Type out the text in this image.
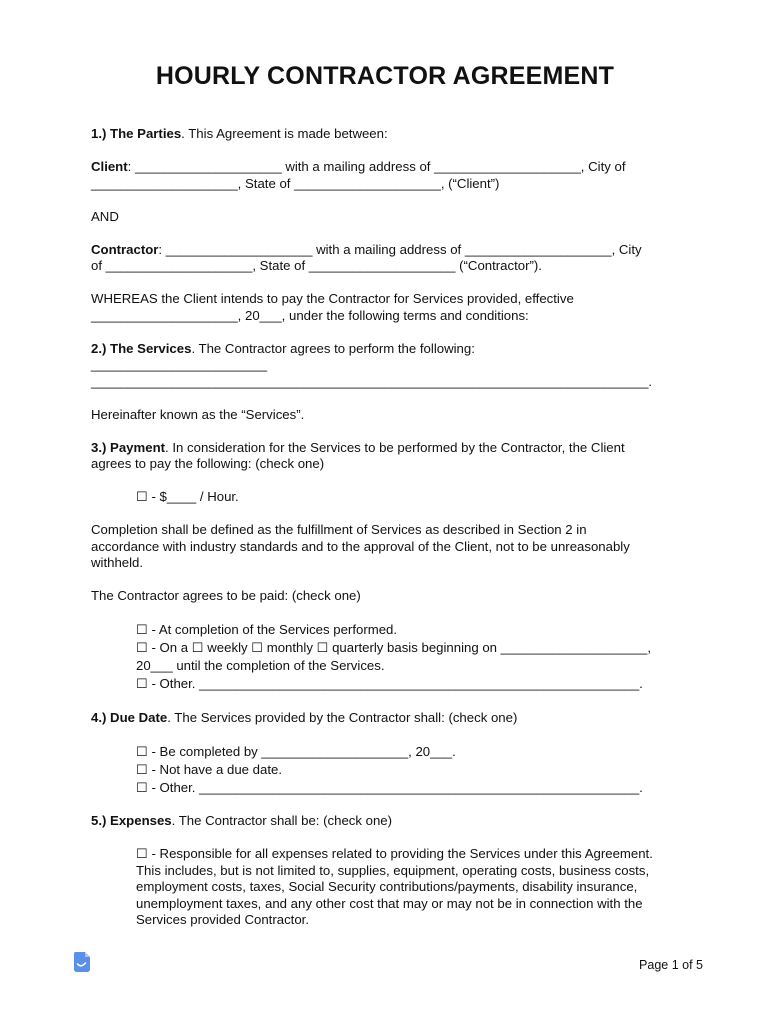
HOURLY CONTRACTOR AGREEMENT
1.) The Parties. This Agreement is made between:
Client: ____________________ with a mailing address of ____________________, City of
____________________, State of ____________________, (“Client”)
AND
Contractor: ____________________ with a mailing address of ____________________, City
of ____________________, State of ____________________ (“Contractor”).
WHEREAS the Client intends to pay the Contractor for Services provided, effective
____________________, 20___, under the following terms and conditions:
2.) The Services. The Contractor agrees to perform the following:
________________________
____________________________________________________________________________.
Hereinafter known as the “Services”.
3.) Payment. In consideration for the Services to be performed by the Contractor, the Client
agrees to pay the following: (check one)
☐ - $____ / Hour.
Completion shall be defined as the fulfillment of Services as described in Section 2 in
accordance with industry standards and to the approval of the Client, not to be unreasonably
withheld.
The Contractor agrees to be paid: (check one)
☐ - At completion of the Services performed.
☐ - On a ☐ weekly ☐ monthly ☐ quarterly basis beginning on ____________________,
20___ until the completion of the Services.
☐ - Other. ____________________________________________________________.
4.) Due Date. The Services provided by the Contractor shall: (check one)
☐ - Be completed by ____________________, 20___.
☐ - Not have a due date.
☐ - Other. ____________________________________________________________.
5.) Expenses. The Contractor shall be: (check one)
☐ - Responsible for all expenses related to providing the Services under this Agreement.
This includes, but is not limited to, supplies, equipment, operating costs, business costs,
employment costs, taxes, Social Security contributions/payments, disability insurance,
unemployment taxes, and any other cost that may or may not be in connection with the
Services provided Contractor.
Page 1 of 5
